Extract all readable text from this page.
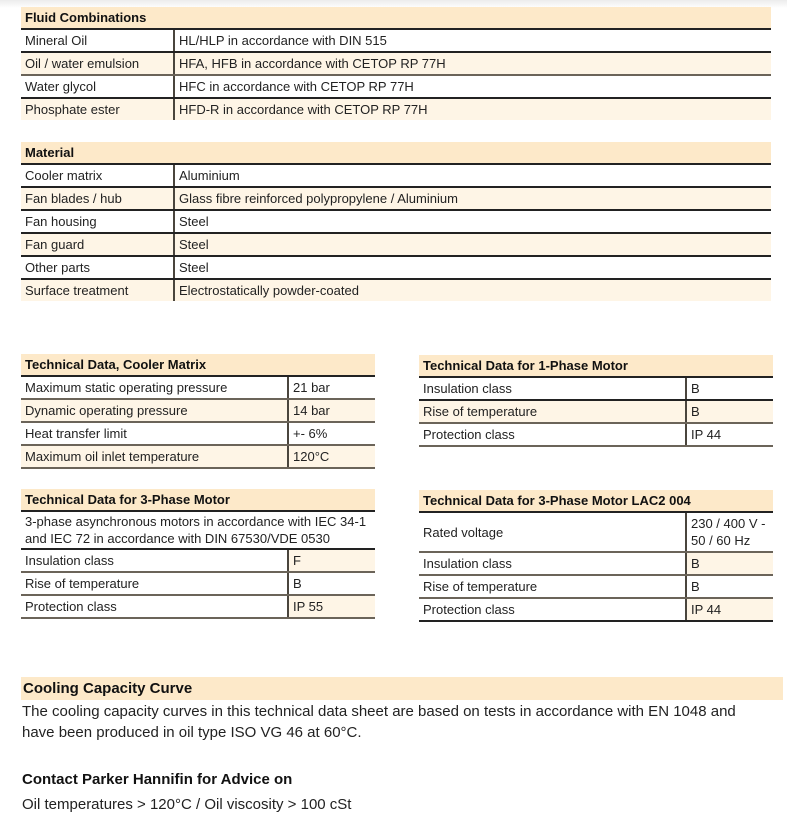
Fluid Combinations	
Mineral Oil	HL/HLP in accordance with DIN 515
Oil / water emulsion	HFA, HFB in accordance with CETOP RP 77H
Water glycol	HFC in accordance with CETOP RP 77H
Phosphate ester	HFD-R in accordance with CETOP RP 77H
Material	
Cooler matrix	Aluminium
Fan blades / hub	Glass fibre reinforced polypropylene / Aluminium
Fan housing	Steel
Fan guard	Steel
Other parts	Steel
Surface treatment	Electrostatically powder-coated
Technical Data, Cooler Matrix	
Maximum static operating pressure	21 bar
Dynamic operating pressure	14 bar
Heat transfer limit	+- 6%
Maximum oil inlet temperature	120°C
Technical Data for 1-Phase Motor	
Insulation class	B
Rise of temperature	B
Protection class	IP 44
Technical Data for 3-Phase Motor	
3-phase asynchronous motors in accordance with IEC 34-1 and IEC 72 in accordance with DIN 67530/VDE 0530	
Insulation class	F
Rise of temperature	B
Protection class	IP 55
Technical Data for 3-Phase Motor LAC2 004	
Rated voltage	230 / 400 V - 50 / 60 Hz
Insulation class	B
Rise of temperature	B
Protection class	IP 44
Cooling Capacity Curve
The cooling capacity curves in this technical data sheet are based on tests in accordance with EN 1048 and have been produced in oil type ISO VG 46 at 60°C.
Contact Parker Hannifin for Advice on
Oil temperatures > 120°C / Oil viscosity > 100 cSt
